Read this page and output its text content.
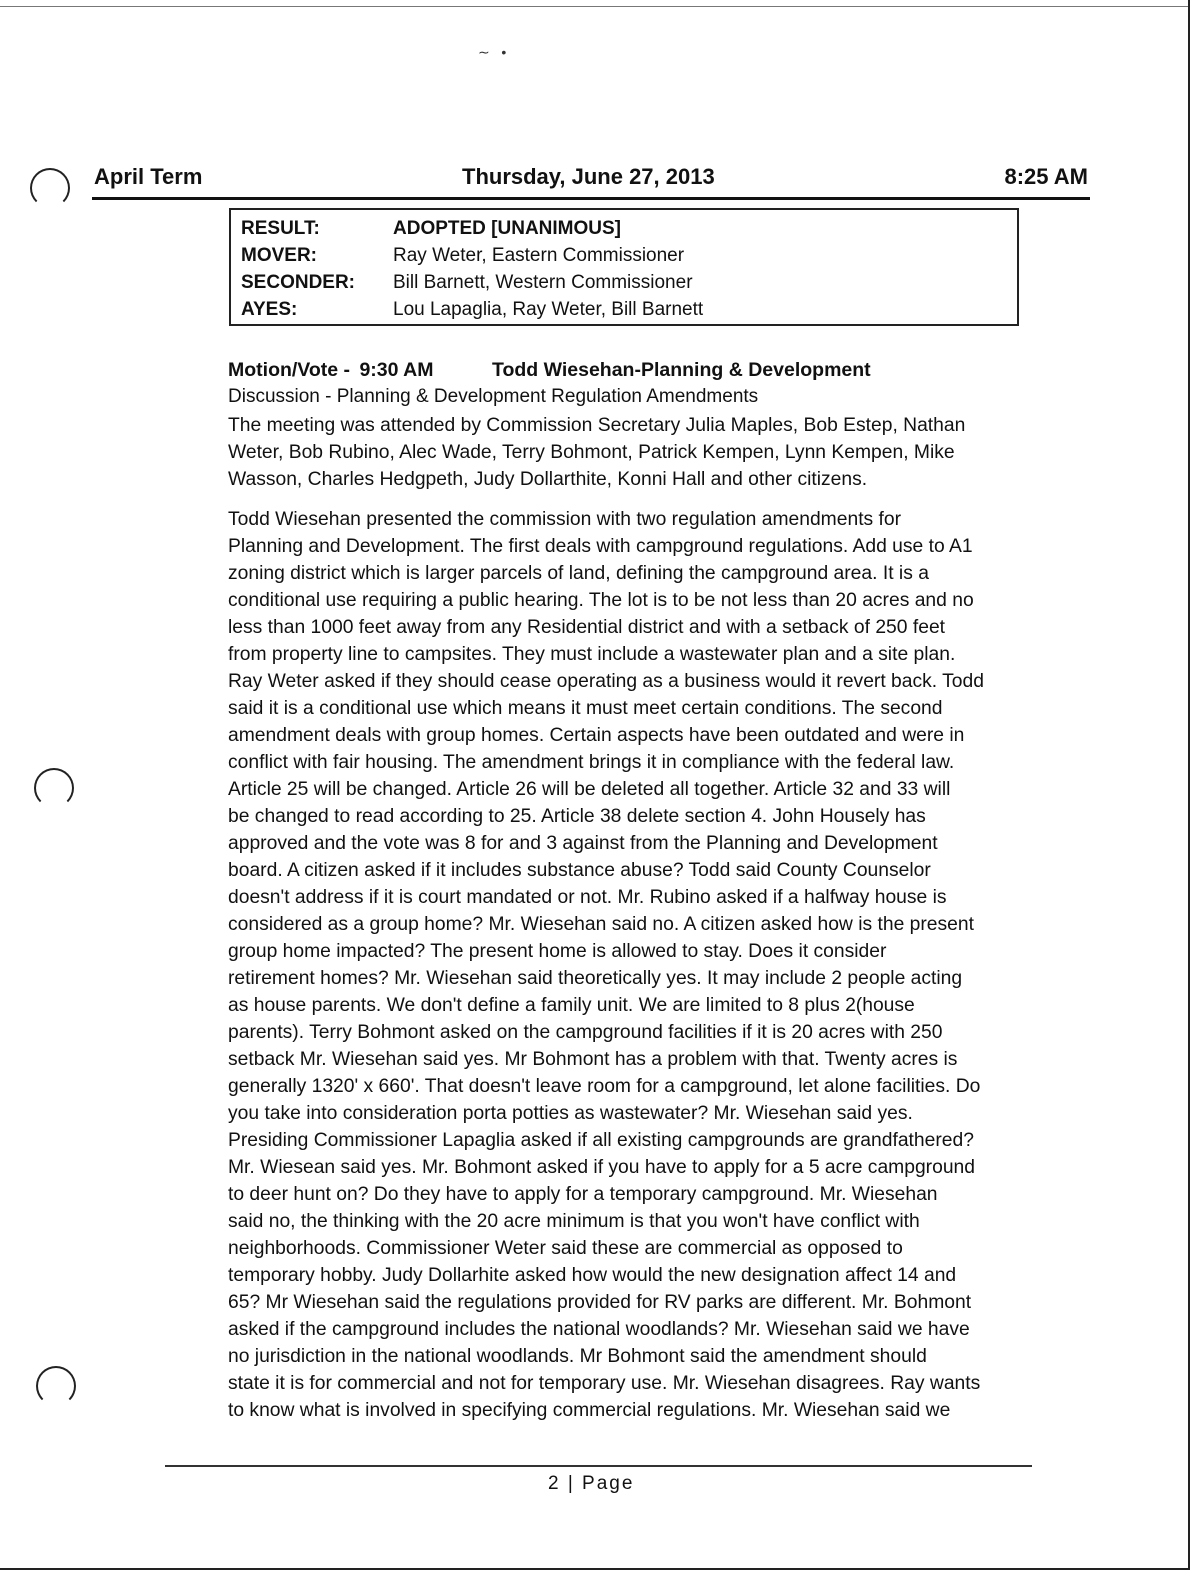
∼   •
April Term	Thursday, June 27, 2013	8:25 AM
RESULT:	ADOPTED [UNANIMOUS]
MOVER:	Ray Weter, Eastern Commissioner
SECONDER: Bill Barnett, Western Commissioner
AYES:	Lou Lapaglia, Ray Weter, Bill Barnett
Motion/Vote - 9:30 AM	Todd Wiesehan-Planning & Development
Discussion - Planning & Development Regulation Amendments
The meeting was attended by Commission Secretary Julia Maples, Bob Estep, Nathan
Weter, Bob Rubino, Alec Wade, Terry Bohmont, Patrick Kempen, Lynn Kempen, Mike
Wasson, Charles Hedgpeth, Judy Dollarthite, Konni Hall and other citizens.
Todd Wiesehan presented the commission with two regulation amendments for
Planning and Development. The first deals with campground regulations. Add use to A1
zoning district which is larger parcels of land, defining the campground area. It is a
conditional use requiring a public hearing. The lot is to be not less than 20 acres and no
less than 1000 feet away from any Residential district and with a setback of 250 feet
from property line to campsites. They must include a wastewater plan and a site plan.
Ray Weter asked if they should cease operating as a business would it revert back. Todd
said it is a conditional use which means it must meet certain conditions. The second
amendment deals with group homes. Certain aspects have been outdated and were in
conflict with fair housing. The amendment brings it in compliance with the federal law.
Article 25 will be changed. Article 26 will be deleted all together. Article 32 and 33 will
be changed to read according to 25. Article 38 delete section 4. John Housely has
approved and the vote was 8 for and 3 against from the Planning and Development
board. A citizen asked if it includes substance abuse? Todd said County Counselor
doesn't address if it is court mandated or not. Mr. Rubino asked if a halfway house is
considered as a group home? Mr. Wiesehan said no. A citizen asked how is the present
group home impacted? The present home is allowed to stay. Does it consider
retirement homes? Mr. Wiesehan said theoretically yes. It may include 2 people acting
as house parents. We don't define a family unit. We are limited to 8 plus 2(house
parents). Terry Bohmont asked on the campground facilities if it is 20 acres with 250
setback Mr. Wiesehan said yes. Mr Bohmont has a problem with that. Twenty acres is
generally 1320' x 660'. That doesn't leave room for a campground, let alone facilities. Do
you take into consideration porta potties as wastewater? Mr. Wiesehan said yes.
Presiding Commissioner Lapaglia asked if all existing campgrounds are grandfathered?
Mr. Wiesean said yes. Mr. Bohmont asked if you have to apply for a 5 acre campground
to deer hunt on? Do they have to apply for a temporary campground. Mr. Wiesehan
said no, the thinking with the 20 acre minimum is that you won't have conflict with
neighborhoods. Commissioner Weter said these are commercial as opposed to
temporary hobby. Judy Dollarhite asked how would the new designation affect 14 and
65? Mr Wiesehan said the regulations provided for RV parks are different. Mr. Bohmont
asked if the campground includes the national woodlands? Mr. Wiesehan said we have
no jurisdiction in the national woodlands. Mr Bohmont said the amendment should
state it is for commercial and not for temporary use. Mr. Wiesehan disagrees. Ray wants
to know what is involved in specifying commercial regulations. Mr. Wiesehan said we
2 | Page
